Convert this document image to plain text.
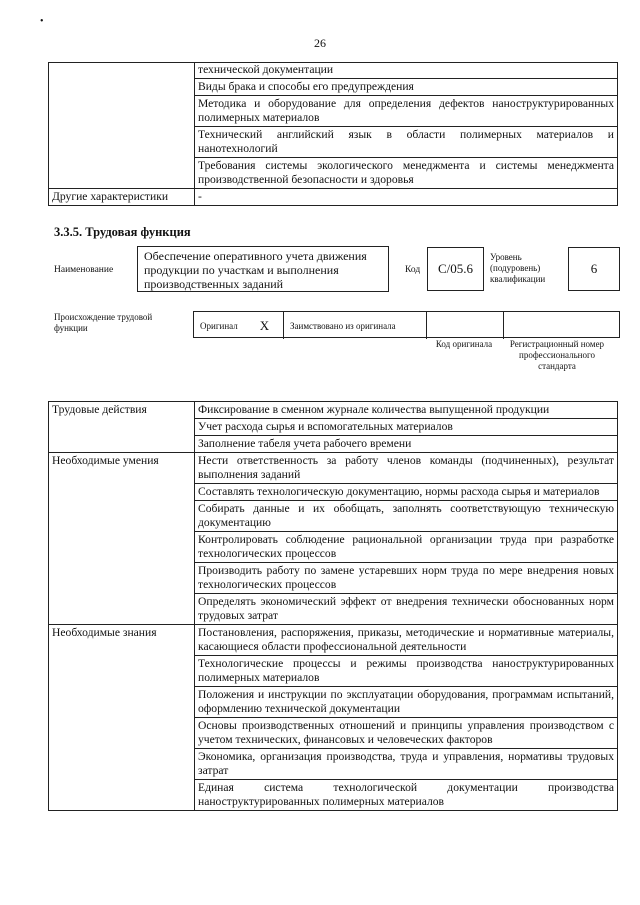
•
26
	технической документации
	Виды брака и способы его предупреждения
	Методика и оборудование для определения дефектов наноструктурированных полимерных материалов
	Технический английский язык в области полимерных материалов и нанотехнологий
	Требования системы экологического менеджмента и системы менеджмента производственной безопасности и здоровья
Другие характеристики	-
3.3.5. Трудовая функция
Наименование
Обеспечение оперативного учета движения продукции по участкам и выполнения производственных заданий
Код C/05.6
Уровень (подуровень) квалификации
6
Происхождение трудовой функции	Оригинал X Заимствовано из оригинала
Код оригинала	Регистрационный номер профессионального стандарта
Трудовые действия	Фиксирование в сменном журнале количества выпущенной продукции
	Учет расхода сырья и вспомогательных материалов
	Заполнение табеля учета рабочего времени
Необходимые умения	Нести ответственность за работу членов команды (подчиненных), результат выполнения заданий
	Составлять технологическую документацию, нормы расхода сырья и материалов
	Собирать данные и их обобщать, заполнять соответствующую техническую документацию
	Контролировать соблюдение рациональной организации труда при разработке технологических процессов
	Производить работу по замене устаревших норм труда по мере внедрения новых технологических процессов
	Определять экономический эффект от внедрения технически обоснованных норм трудовых затрат
Необходимые знания	Постановления, распоряжения, приказы, методические и нормативные материалы, касающиеся области профессиональной деятельности
	Технологические процессы и режимы производства наноструктурированных полимерных материалов
	Положения и инструкции по эксплуатации оборудования, программам испытаний, оформлению технической документации
	Основы производственных отношений и принципы управления производством с учетом технических, финансовых и человеческих факторов
	Экономика, организация производства, труда и управления, нормативы трудовых затрат
	Единая система технологической документации производства наноструктурированных полимерных материалов
